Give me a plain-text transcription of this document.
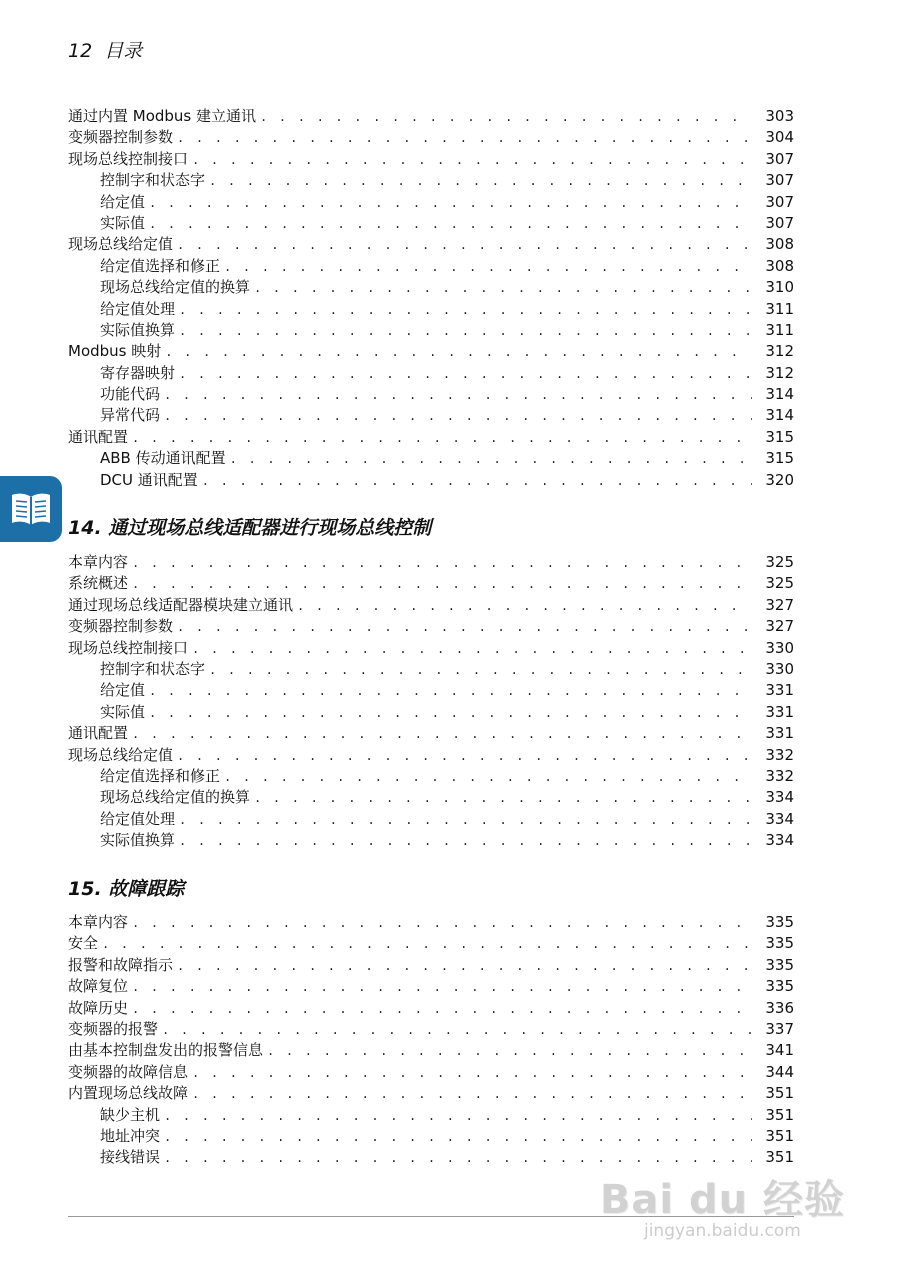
12 目录
通过内置 Modbus 建立通讯 . . .	303
变频器控制参数 . . .	304
现场总线控制接口 . . .	307
控制字和状态字 . . .	307
给定值 . . .	307
实际值 . . .	307
现场总线给定值 . . .	308
给定值选择和修正 . . .	308
现场总线给定值的换算 . . .	310
给定值处理 . . .	311
实际值换算 . . .	311
Modbus 映射 . . .	312
寄存器映射 . . .	312
功能代码 . . .	314
异常代码 . . .	314
通讯配置 . . .	315
ABB 传动通讯配置 . . .	315
DCU 通讯配置 . . .	320
14. 通过现场总线适配器进行现场总线控制
本章内容 . . .	325
系统概述 . . .	325
通过现场总线适配器模块建立通讯 . . .	327
变频器控制参数 . . .	327
现场总线控制接口 . . .	330
控制字和状态字 . . .	330
给定值 . . .	331
实际值 . . .	331
通讯配置 . . .	331
现场总线给定值 . . .	332
给定值选择和修正 . . .	332
现场总线给定值的换算 . . .	334
给定值处理 . . .	334
实际值换算 . . .	334
15. 故障跟踪
本章内容 . . .	335
安全 . . .	335
报警和故障指示 . . .	335
故障复位 . . .	335
故障历史 . . .	336
变频器的报警 . . .	337
由基本控制盘发出的报警信息 . . .	341
变频器的故障信息 . . .	344
内置现场总线故障 . . .	351
缺少主机 . . .	351
地址冲突 . . .	351
接线错误 . . .	351
Bai du 经验
jingyan.baidu.com
